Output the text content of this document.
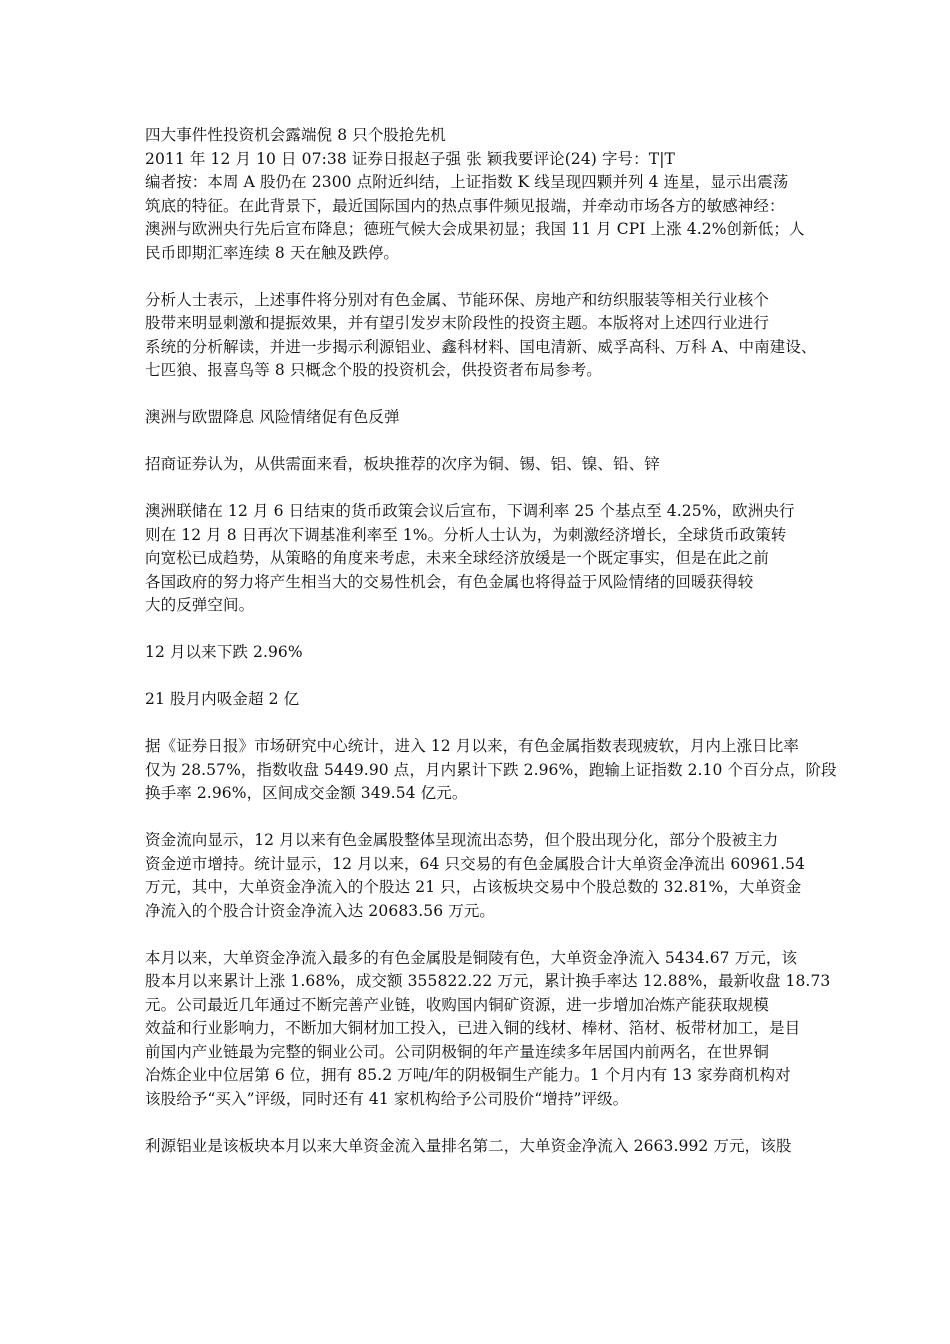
四大事件性投资机会露端倪 8 只个股抢先机
2011 年 12 月 10 日 07:38 证券日报赵子强 张 颖我要评论(24) 字号：T|T
编者按：本周 A 股仍在 2300 点附近纠结，上证指数 K 线呈现四颗并列 4 连星，显示出震荡
筑底的特征。在此背景下，最近国际国内的热点事件频见报端，并牵动市场各方的敏感神经：
澳洲与欧洲央行先后宣布降息；德班气候大会成果初显；我国 11 月 CPI 上涨 4.2%创新低；人
民币即期汇率连续 8 天在触及跌停。
分析人士表示，上述事件将分别对有色金属、节能环保、房地产和纺织服装等相关行业核个
股带来明显刺激和提振效果，并有望引发岁末阶段性的投资主题。本版将对上述四行业进行
系统的分析解读，并进一步揭示利源铝业、鑫科材料、国电清新、威孚高科、万科 A、中南建设、
七匹狼、报喜鸟等 8 只概念个股的投资机会，供投资者布局参考。
澳洲与欧盟降息 风险情绪促有色反弹
招商证券认为，从供需面来看，板块推荐的次序为铜、锡、铝、镍、铅、锌
澳洲联储在 12 月 6 日结束的货币政策会议后宣布，下调利率 25 个基点至 4.25%，欧洲央行
则在 12 月 8 日再次下调基准利率至 1%。分析人士认为，为刺激经济增长，全球货币政策转
向宽松已成趋势，从策略的角度来考虑，未来全球经济放缓是一个既定事实，但是在此之前
各国政府的努力将产生相当大的交易性机会，有色金属也将得益于风险情绪的回暖获得较
大的反弹空间。
12 月以来下跌 2.96%
21 股月内吸金超 2 亿
据《证券日报》市场研究中心统计，进入 12 月以来，有色金属指数表现疲软，月内上涨日比率
仅为 28.57%，指数收盘 5449.90 点，月内累计下跌 2.96%，跑输上证指数 2.10 个百分点，阶段
换手率 2.96%，区间成交金额 349.54 亿元。
资金流向显示，12 月以来有色金属股整体呈现流出态势，但个股出现分化，部分个股被主力
资金逆市增持。统计显示，12 月以来，64 只交易的有色金属股合计大单资金净流出 60961.54
万元，其中，大单资金净流入的个股达 21 只，占该板块交易中个股总数的 32.81%，大单资金
净流入的个股合计资金净流入达 20683.56 万元。
本月以来，大单资金净流入最多的有色金属股是铜陵有色，大单资金净流入 5434.67 万元，该
股本月以来累计上涨 1.68%，成交额 355822.22 万元，累计换手率达 12.88%，最新收盘 18.73
元。公司最近几年通过不断完善产业链，收购国内铜矿资源，进一步增加冶炼产能获取规模
效益和行业影响力，不断加大铜材加工投入，已进入铜的线材、棒材、箔材、板带材加工，是目
前国内产业链最为完整的铜业公司。公司阴极铜的年产量连续多年居国内前两名，在世界铜
冶炼企业中位居第 6 位，拥有 85.2 万吨/年的阴极铜生产能力。1 个月内有 13 家券商机构对
该股给予“买入”评级，同时还有 41 家机构给予公司股价“增持”评级。
利源铝业是该板块本月以来大单资金流入量排名第二，大单资金净流入 2663.992 万元，该股
